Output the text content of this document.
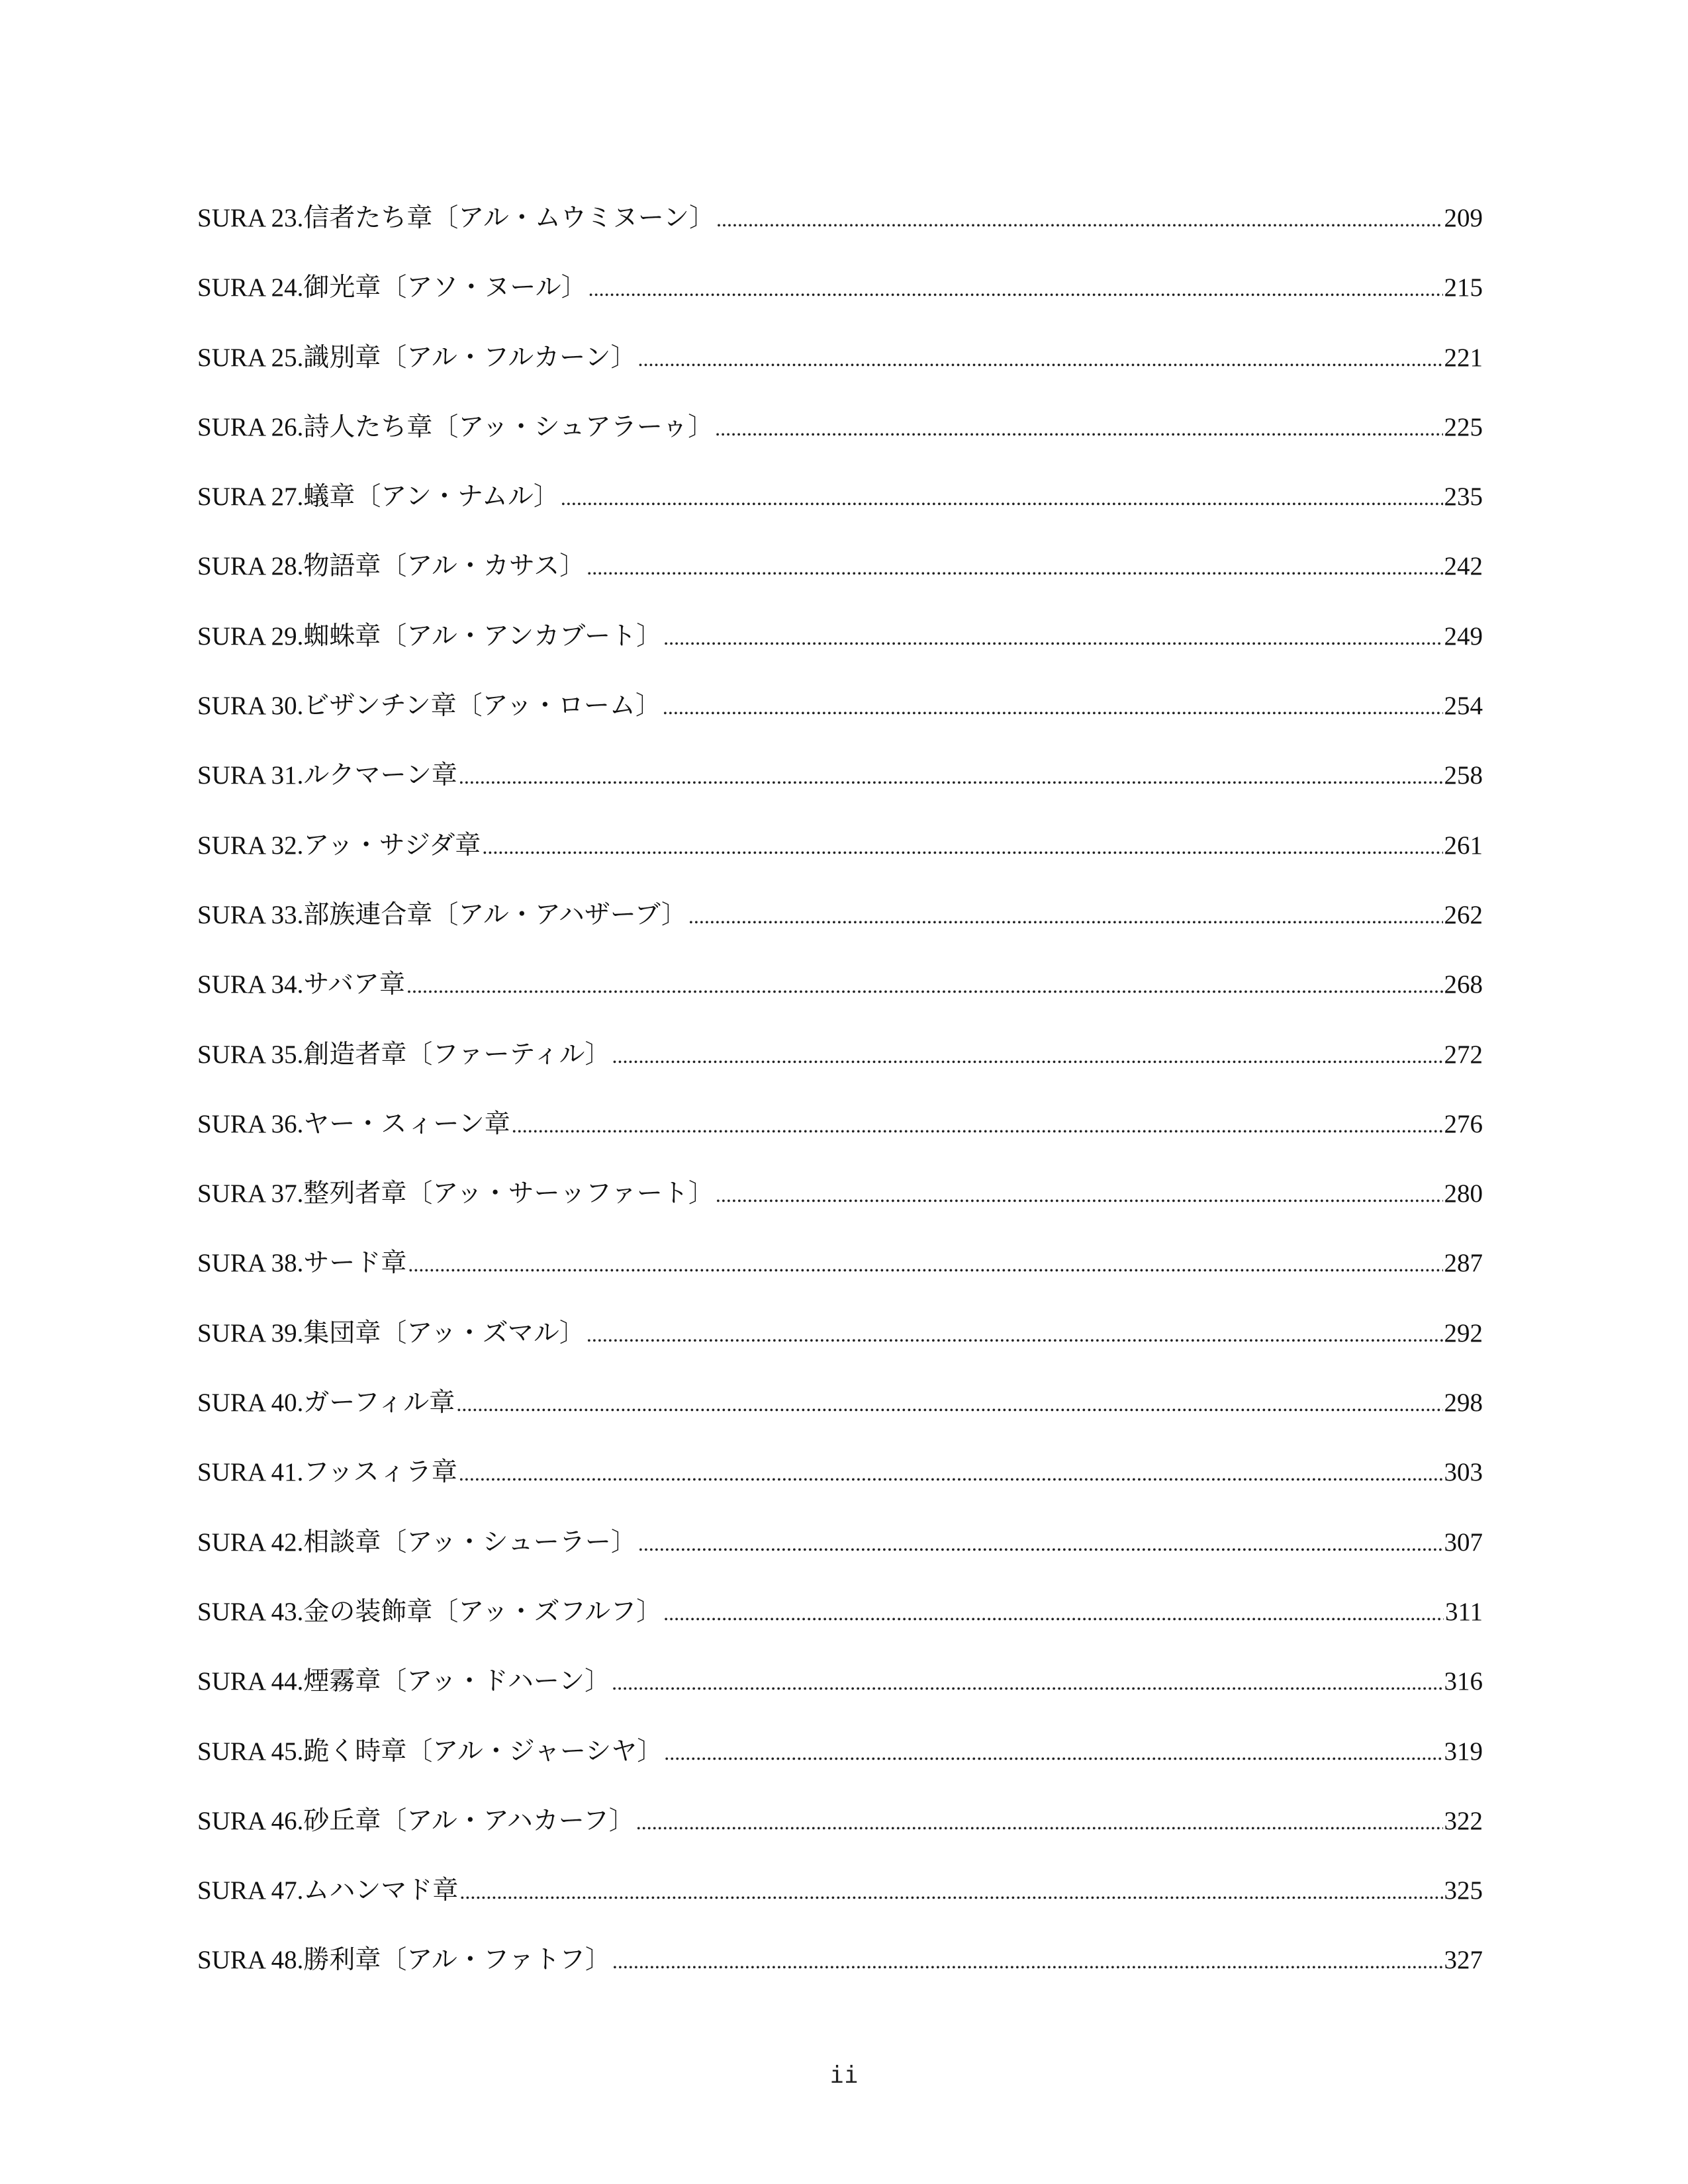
SURA 23.信者たち章〔アル・ムウミヌーン〕 .....	209
SURA 24.御光章〔アソ・ヌール〕 .....	215
SURA 25.識別章〔アル・フルカーン〕 .....	221
SURA 26.詩人たち章〔アッ・シュアラーゥ〕 .....	225
SURA 27.蟻章〔アン・ナムル〕 .....	235
SURA 28.物語章〔アル・カサス〕 .....	242
SURA 29.蜘蛛章〔アル・アンカブート〕 .....	249
SURA 30.ビザンチン章〔アッ・ローム〕 .....	254
SURA 31.ルクマーン章 .....	258
SURA 32.アッ・サジダ章 .....	261
SURA 33.部族連合章〔アル・アハザーブ〕 .....	262
SURA 34.サバア章 .....	268
SURA 35.創造者章〔ファーティル〕 .....	272
SURA 36.ヤー・スィーン章 .....	276
SURA 37.整列者章〔アッ・サーッファート〕 .....	280
SURA 38.サード章 .....	287
SURA 39.集団章〔アッ・ズマル〕 .....	292
SURA 40.ガーフィル章 .....	298
SURA 41.フッスィラ章 .....	303
SURA 42.相談章〔アッ・シューラー〕 .....	307
SURA 43.金の装飾章〔アッ・ズフルフ〕 .....	311
SURA 44.煙霧章〔アッ・ドハーン〕 .....	316
SURA 45.跪く時章〔アル・ジャーシヤ〕 .....	319
SURA 46.砂丘章〔アル・アハカーフ〕 .....	322
SURA 47.ムハンマド章 .....	325
SURA 48.勝利章〔アル・ファトフ〕 .....	327
ii
